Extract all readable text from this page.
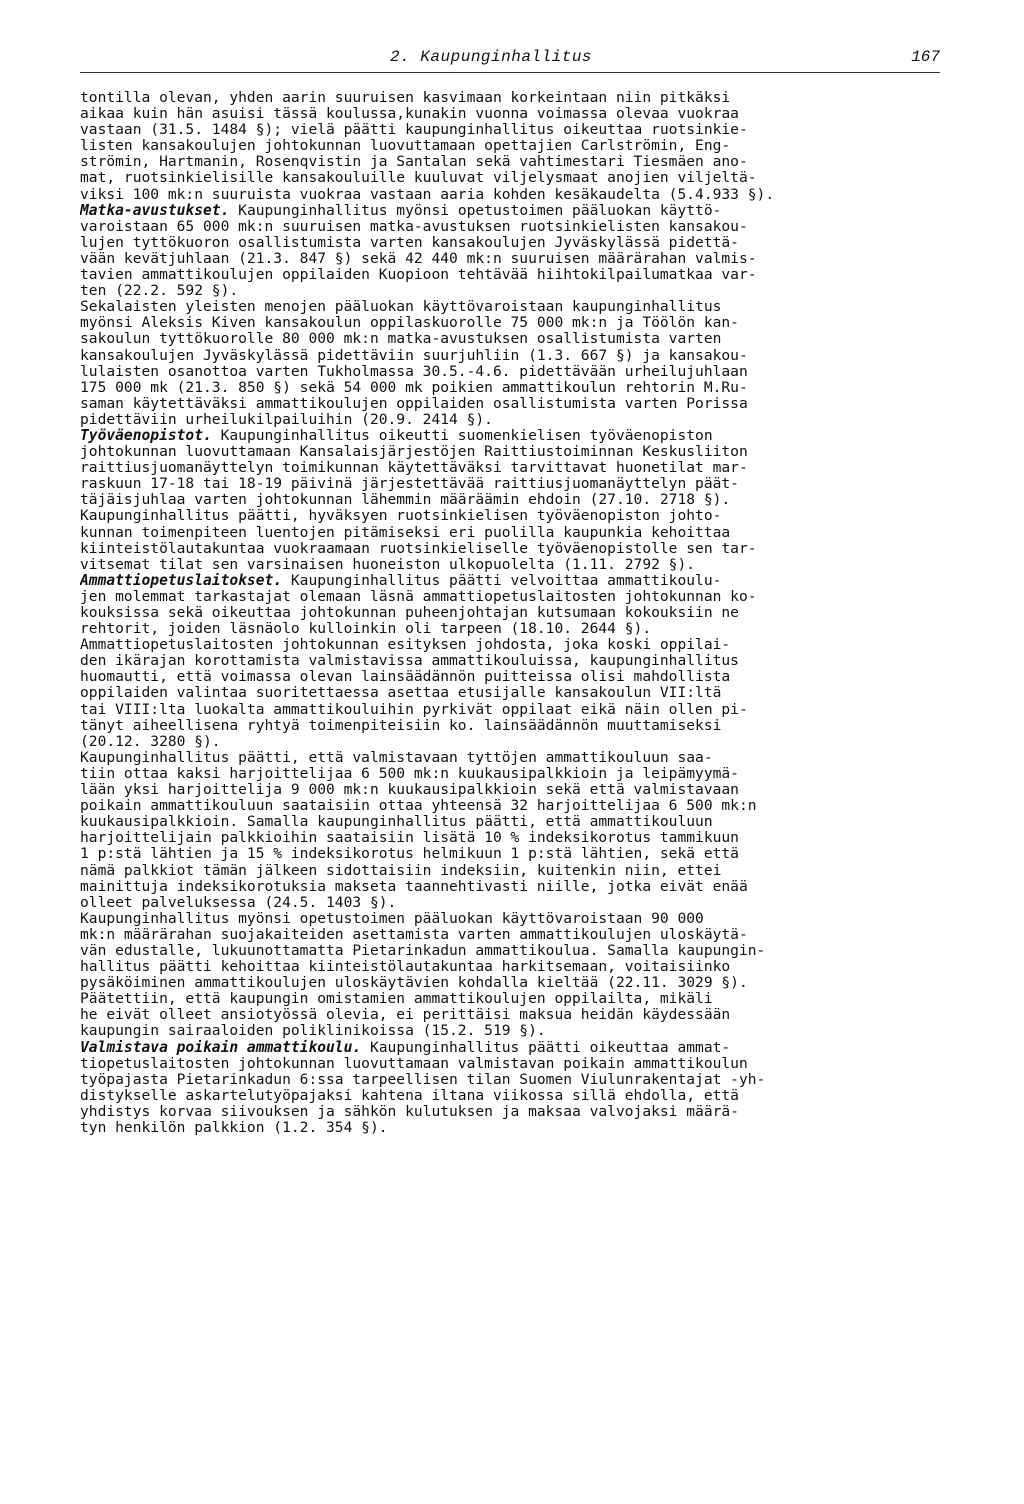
2. Kaupunginhallitus	167
tontilla olevan, yhden aarin suuruisen kasvimaan korkeintaan niin pitkäksi
aikaa kuin hän asuisi tässä koulussa,kunakin vuonna voimassa olevaa vuokraa
vastaan (31.5. 1484 §); vielä päätti kaupunginhallitus oikeuttaa ruotsinkie-
listen kansakoulujen johtokunnan luovuttamaan opettajien Carlströmin, Eng-
strömin, Hartmanin, Rosenqvistin ja Santalan sekä vahtimestari Tiesmäen ano-
mat, ruotsinkielisille kansakouluille kuuluvat viljelysmaat anojien viljeltä-
viksi 100 mk:n suuruista vuokraa vastaan aaria kohden kesäkaudelta (5.4.933 §).
Matka-avustukset. Kaupunginhallitus myönsi opetustoimen pääluokan käyttö-
varoistaan 65 000 mk:n suuruisen matka-avustuksen ruotsinkielisten kansakou-
lujen tyttökuoron osallistumista varten kansakoulujen Jyväskylässä pidettä-
vään kevätjuhlaan (21.3. 847 §) sekä 42 440 mk:n suuruisen määrärahan valmis-
tavien ammattikoulujen oppilaiden Kuopioon tehtävää hiihtokilpailumatkaa var-
ten (22.2. 592 §).
Sekalaisten yleisten menojen pääluokan käyttövaroistaan kaupunginhallitus
myönsi Aleksis Kiven kansakoulun oppilaskuorolle 75 000 mk:n ja Töölön kan-
sakoulun tyttökuorolle 80 000 mk:n matka-avustuksen osallistumista varten
kansakoulujen Jyväskylässä pidettäviin suurjuhliin (1.3. 667 §) ja kansakou-
lulaisten osanottoa varten Tukholmassa 30.5.-4.6. pidettävään urheilujuhlaan
175 000 mk (21.3. 850 §) sekä 54 000 mk poikien ammattikoulun rehtorin M.Ru-
saman käytettäväksi ammattikoulujen oppilaiden osallistumista varten Porissa
pidettäviin urheilukilpailuihin (20.9. 2414 §).
Työväenopistot. Kaupunginhallitus oikeutti suomenkielisen työväenopiston
johtokunnan luovuttamaan Kansalaisjärjestöjen Raittiustoiminnan Keskusliiton
raittiusjuomanäyttelyn toimikunnan käytettäväksi tarvittavat huonetilat mar-
raskuun 17-18 tai 18-19 päivinä järjestettävää raittiusjuomanäyttelyn päät-
täjäisjuhlaa varten johtokunnan lähemmin määräämin ehdoin (27.10. 2718 §).
Kaupunginhallitus päätti, hyväksyen ruotsinkielisen työväenopiston johto-
kunnan toimenpiteen luentojen pitämiseksi eri puolilla kaupunkia kehoittaa
kiinteistölautakuntaa vuokraamaan ruotsinkieliselle työväenopistolle sen tar-
vitsemat tilat sen varsinaisen huoneiston ulkopuolelta (1.11. 2792 §).
Ammattiopetuslaitokset. Kaupunginhallitus päätti velvoittaa ammattikoulu-
jen molemmat tarkastajat olemaan läsnä ammattiopetuslaitosten johtokunnan ko-
kouksissa sekä oikeuttaa johtokunnan puheenjohtajan kutsumaan kokouksiin ne
rehtorit, joiden läsnäolo kulloinkin oli tarpeen (18.10. 2644 §).
Ammattiopetuslaitosten johtokunnan esityksen johdosta, joka koski oppilai-
den ikärajan korottamista valmistavissa ammattikouluissa, kaupunginhallitus
huomautti, että voimassa olevan lainsäädännön puitteissa olisi mahdollista
oppilaiden valintaa suoritettaessa asettaa etusijalle kansakoulun VII:ltä
tai VIII:lta luokalta ammattikouluihin pyrkivät oppilaat eikä näin ollen pi-
tänyt aiheellisena ryhtyä toimenpiteisiin ko. lainsäädännön muuttamiseksi
(20.12. 3280 §).
Kaupunginhallitus päätti, että valmistavaan tyttöjen ammattikouluun saa-
tiin ottaa kaksi harjoittelijaa 6 500 mk:n kuukausipalkkioin ja leipämyymä-
lään yksi harjoittelija 9 000 mk:n kuukausipalkkioin sekä että valmistavaan
poikain ammattikouluun saataisiin ottaa yhteensä 32 harjoittelijaa 6 500 mk:n
kuukausipalkkioin. Samalla kaupunginhallitus päätti, että ammattikouluun
harjoittelijain palkkioihin saataisiin lisätä 10 % indeksikorotus tammikuun
1 p:stä lähtien ja 15 % indeksikorotus helmikuun 1 p:stä lähtien, sekä että
nämä palkkiot tämän jälkeen sidottaisiin indeksiin, kuitenkin niin, ettei
mainittuja indeksikorotuksia makseta taannehtivasti niille, jotka eivät enää
olleet palveluksessa (24.5. 1403 §).
Kaupunginhallitus myönsi opetustoimen pääluokan käyttövaroistaan 90 000
mk:n määrärahan suojakaiteiden asettamista varten ammattikoulujen uloskäytä-
vän edustalle, lukuunottamatta Pietarinkadun ammattikoulua. Samalla kaupungin-
hallitus päätti kehoittaa kiinteistölautakuntaa harkitsemaan, voitaisiinko
pysäköiminen ammattikoulujen uloskäytävien kohdalla kieltää (22.11. 3029 §).
Päätettiin, että kaupungin omistamien ammattikoulujen oppilailta, mikäli
he eivät olleet ansiotyössä olevia, ei perittäisi maksua heidän käydessään
kaupungin sairaaloiden poliklinikoissa (15.2. 519 §).
Valmistava poikain ammattikoulu. Kaupunginhallitus päätti oikeuttaa ammat-
tiopetuslaitosten johtokunnan luovuttamaan valmistavan poikain ammattikoulun
työpajasta Pietarinkadun 6:ssa tarpeellisen tilan Suomen Viulunrakentajat -yh-
distykselle askartelutyöpajaksi kahtena iltana viikossa sillä ehdolla, että
yhdistys korvaa siivouksen ja sähkön kulutuksen ja maksaa valvojaksi määrä-
tyn henkilön palkkion (1.2. 354 §).
